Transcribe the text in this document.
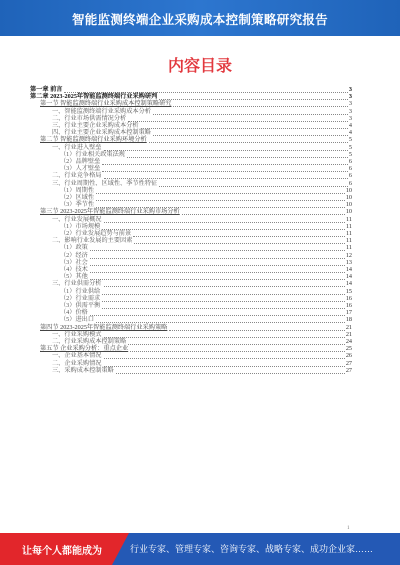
智能监测终端企业采购成本控制策略研究报告
内容目录
第一章 前言	3
第二章 2023-2025年智能监测终端行业采购研判	3
第一节 智能监测终端行业采购成本控制策略研究	3
一、智能监测终端行业采购成本分析	3
二、行业市场供需情况分析	3
三、行业主要企业采购成本分析	4
四、行业主要企业采购成本控制策略	4
第二节 智能监测终端行业采购环境分析	5
一、行业进入壁垒	5
（1）行业相关政策法规	5
（2）品牌壁垒	6
（3）人才壁垒	6
二、行业竞争格局	6
三、行业周期性、区域性、季节性特征	6
（1）周期性	10
（2）区域性	10
（3）季节性	10
第三节 2023-2025年智能监测终端行业采购市场分析	10
一、行业发展概况	11
（1）市场规模	11
（2）行业发展趋势与前景	11
二、影响行业发展的主要因素	11
（1）政策	11
（2）经济	12
（3）社会	13
（4）技术	14
（5）其他	14
三、行业供需分析	14
（1）行业供给	15
（2）行业需求	16
（3）供需平衡	16
（4）价格	17
（5）进出口	18
第四节 2023-2025年智能监测终端行业采购策略	21
一、行业采购模式	21
二、行业采购成本控制策略	24
第五节 企业采购分析：重点企业	25
一、企业基本情况	26
二、企业采购情况	27
三、采购成本控制策略	27
1
让每个人都能成为	行业专家、管理专家、咨询专家、战略专家、成功企业家……
